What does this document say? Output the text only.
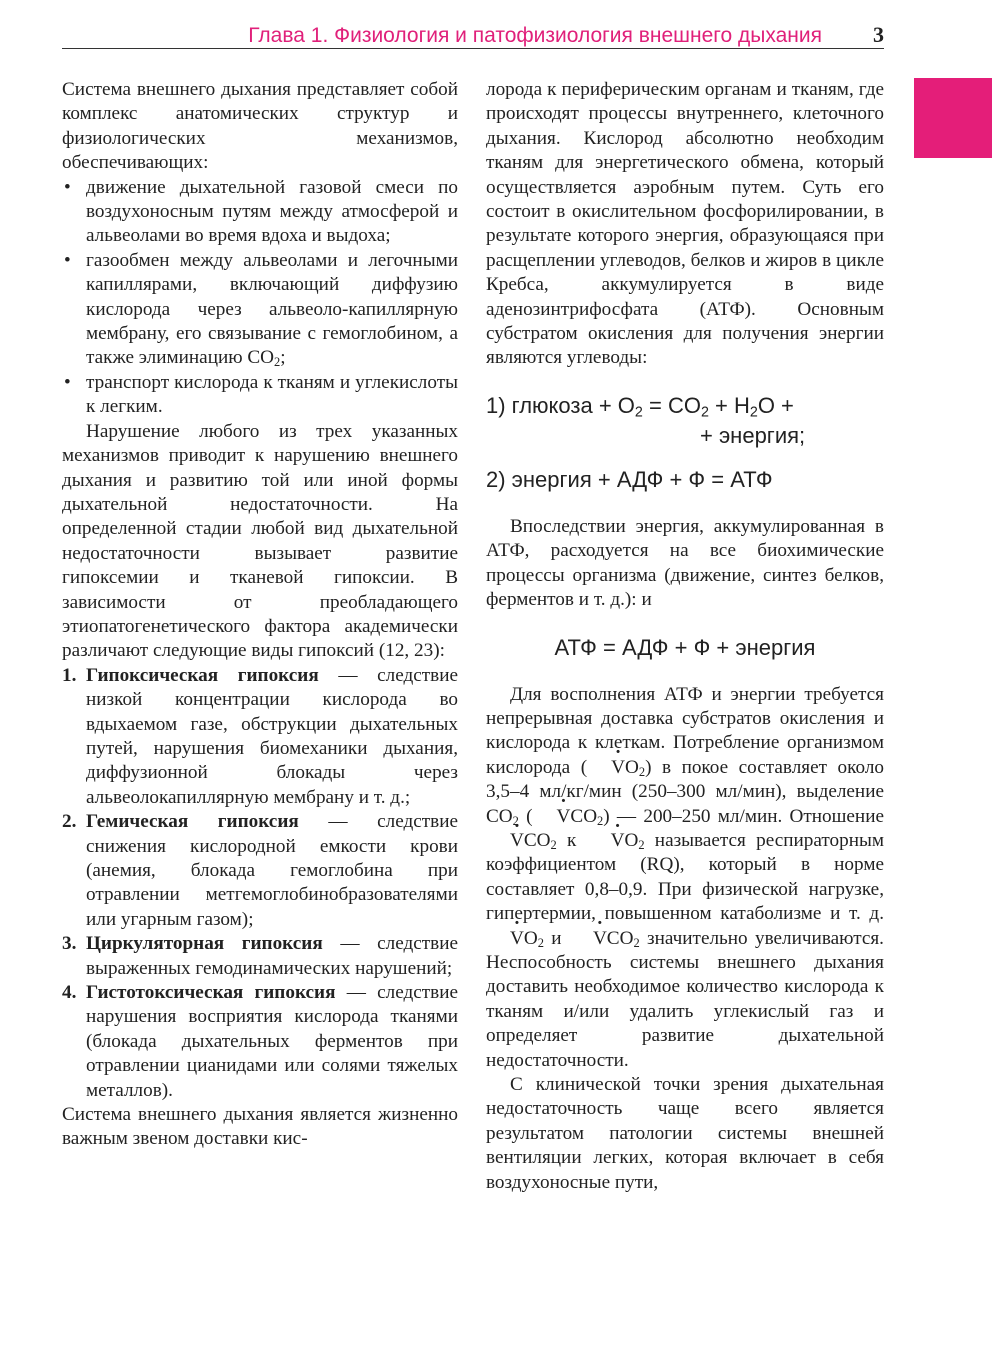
Глава 1. Физиология и патофизиология внешнего дыхания 3

Система внешнего дыхания представляет собой комплекс анатомических структур и физиологических механизмов, обеспечивающих:

• движение дыхательной газовой смеси по воздухоносным путям между атмосферой и альвеолами во время вдоха и выдоха;
• газообмен между альвеолами и легочными капиллярами, включающий диффузию кислорода через альвеоло-капиллярную мембрану, его связывание с гемоглобином, а также элиминацию $CO_2$;
• транспорт кислорода к тканям и углекислоты к легким.

Нарушение любого из трех указанных механизмов приводит к нарушению внешнего дыхания и развитию той или иной формы дыхательной недостаточности. На определенной стадии любой вид дыхательной недостаточности вызывает развитие гипоксемии и тканевой гипоксии. В зависимости от преобладающего этиопатогенетического фактора академически различают следующие виды гипоксий (12, 23):

1. Гипоксическая гипоксия — следствие низкой концентрации кислорода во вдыхаемом газе, обструкции дыхательных путей, нарушения биомеханики дыхания, диффузионной блокады через альвеолокапиллярную мембрану и т. д.;
2. Гемическая гипоксия — следствие снижения кислородной емкости крови (анемия, блокада гемоглобина при отравлении метгемоглобинобразователями или угарным газом);
3. Циркуляторная гипоксия — следствие выраженных гемодинамических нарушений;
4. Гистотоксическая гипоксия — следствие нарушения восприятия кислорода тканями (блокада дыхательных ферментов при отравлении цианидами или солями тяжелых металлов).

Система внешнего дыхания является жизненно важным звеном доставки кис-

лорода к периферическим органам и тканям, где происходят процессы внутреннего, клеточного дыхания. Кислород абсолютно необходим тканям для энергетического обмена, который осуществляется аэробным путем. Суть его состоит в окислительном фосфорилировании, в результате которого энергия, образующаяся при расщеплении углеводов, белков и жиров в цикле Кребса, аккумулируется в виде аденозинтрифосфата (АТФ). Основным субстратом окисления для получения энергии являются углеводы:

1) глюкоза + $O_2 = CO_2 + H_2O$ +
+ энергия;
2) энергия + АДФ + Ф = АТФ

Впоследствии энергия, аккумулированная в АТФ, расходуется на все биохимические процессы организма (движение, синтез белков, ферментов и т. д.): и

АТФ = АДФ + Ф + энергия

Для восполнения АТФ и энергии требуется непрерывная доставка субстратов окисления и кислорода к клеткам. Потребление организмом кислорода ( · $VO_2$) в покое составляет около 3,5–4 мл/кг/мин (250–300 мл/мин), выделение $CO_2$ ( · $VCO_2$) — 200–250 мл/мин. Отношение · $VCO_2$ $к \cdot VO_2$ называется респираторным коэффициентом (RQ), который в норме составляет 0,8–0,9. При физической нагрузке, гипертермии, повышенном катаболизме и т. д. · $VO_2$ $и \cdot VCO_2$ значительно увеличиваются. Неспособность системы внешнего дыхания доставить необходимое количество кислорода к тканям и/или удалить углекислый газ и определяет развитие дыхательной недостаточности.

С клинической точки зрения дыхательная недостаточность чаще всего является результатом патологии системы внешней вентиляции легких, которая включает в себя воздухоносные пути,
